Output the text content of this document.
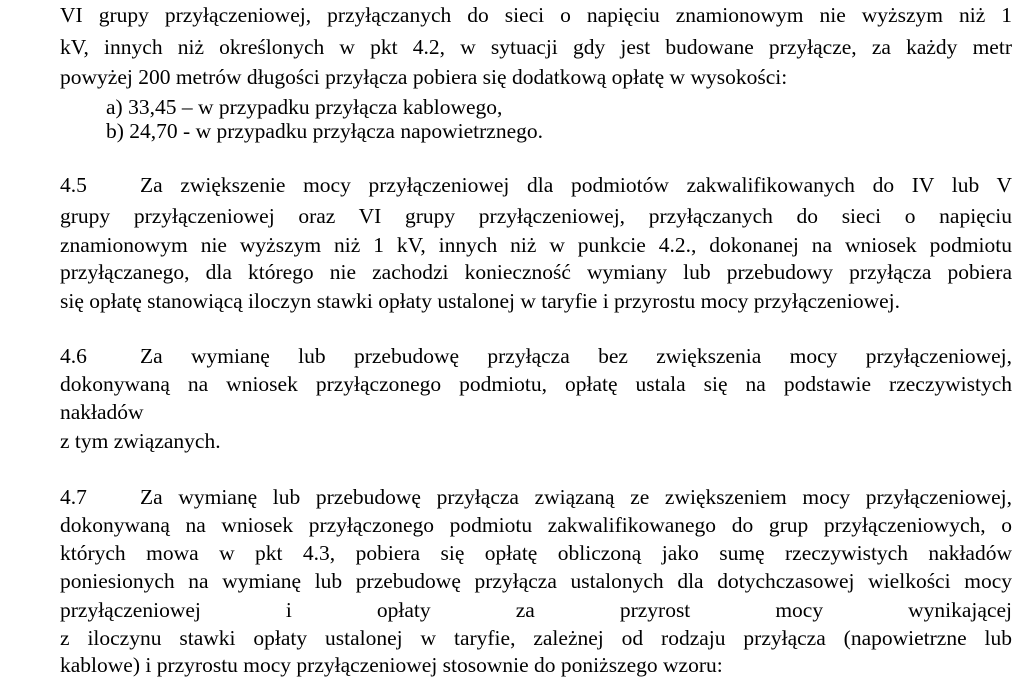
VI grupy przyłączeniowej, przyłączanych do sieci o napięciu znamionowym nie wyższym niż 1
kV, innych niż określonych w pkt 4.2, w sytuacji gdy jest budowane przyłącze, za każdy metr
powyżej 200 metrów długości przyłącza pobiera się dodatkową opłatę w wysokości:
a) 33,45 – w przypadku przyłącza kablowego,
b) 24,70 - w przypadku przyłącza napowietrznego.
4.5 Za zwiększenie mocy przyłączeniowej dla podmiotów zakwalifikowanych do IV lub V
grupy przyłączeniowej oraz VI grupy przyłączeniowej, przyłączanych do sieci o napięciu
znamionowym nie wyższym niż 1 kV, innych niż w punkcie 4.2., dokonanej na wniosek podmiotu
przyłączanego, dla którego nie zachodzi konieczność wymiany lub przebudowy przyłącza pobiera
się opłatę stanowiącą iloczyn stawki opłaty ustalonej w taryfie i przyrostu mocy przyłączeniowej.
4.6 Za wymianę lub przebudowę przyłącza bez zwiększenia mocy przyłączeniowej,
dokonywaną na wniosek przyłączonego podmiotu, opłatę ustala się na podstawie rzeczywistych
nakładów
z tym związanych.
4.7 Za wymianę lub przebudowę przyłącza związaną ze zwiększeniem mocy przyłączeniowej,
dokonywaną na wniosek przyłączonego podmiotu zakwalifikowanego do grup przyłączeniowych, o
których mowa w pkt 4.3, pobiera się opłatę obliczoną jako sumę rzeczywistych nakładów
poniesionych na wymianę lub przebudowę przyłącza ustalonych dla dotychczasowej wielkości mocy
przyłączeniowej i opłaty za przyrost mocy wynikającej
z iloczynu stawki opłaty ustalonej w taryfie, zależnej od rodzaju przyłącza (napowietrzne lub
kablowe) i przyrostu mocy przyłączeniowej stosownie do poniższego wzoru:
